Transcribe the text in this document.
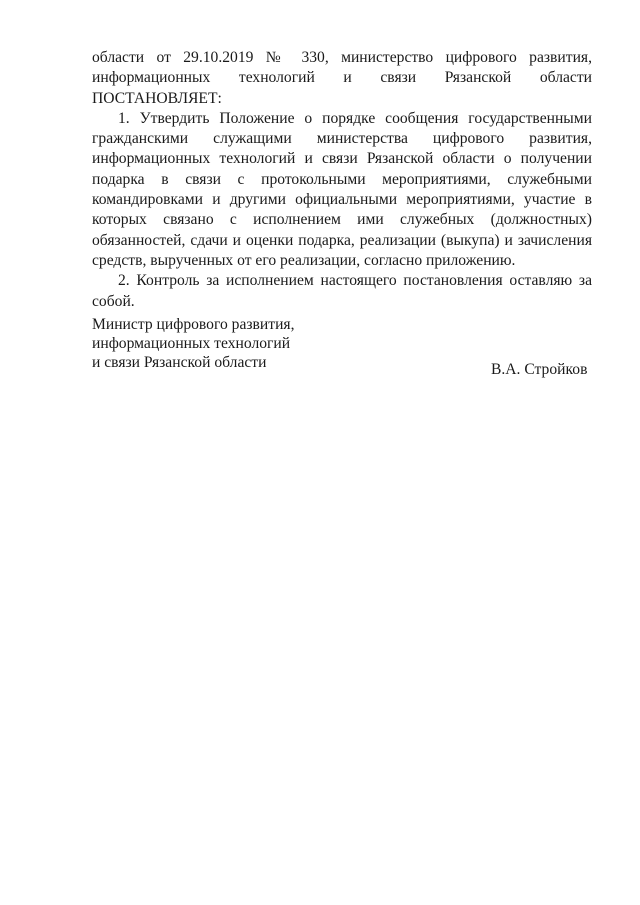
области от 29.10.2019 № 330, министерство цифрового развития, информационных технологий и связи Рязанской области ПОСТАНОВЛЯЕТ:

1. Утвердить Положение о порядке сообщения государственными гражданскими служащими министерства цифрового развития, информационных технологий и связи Рязанской области о получении подарка в связи с протокольными мероприятиями, служебными командировками и другими официальными мероприятиями, участие в которых связано с исполнением ими служебных (должностных) обязанностей, сдачи и оценки подарка, реализации (выкупа) и зачисления средств, вырученных от его реализации, согласно приложению.

2. Контроль за исполнением настоящего постановления оставляю за собой.

Министр цифрового развития,
информационных технологий
и связи Рязанской области	В.А. Стройков
